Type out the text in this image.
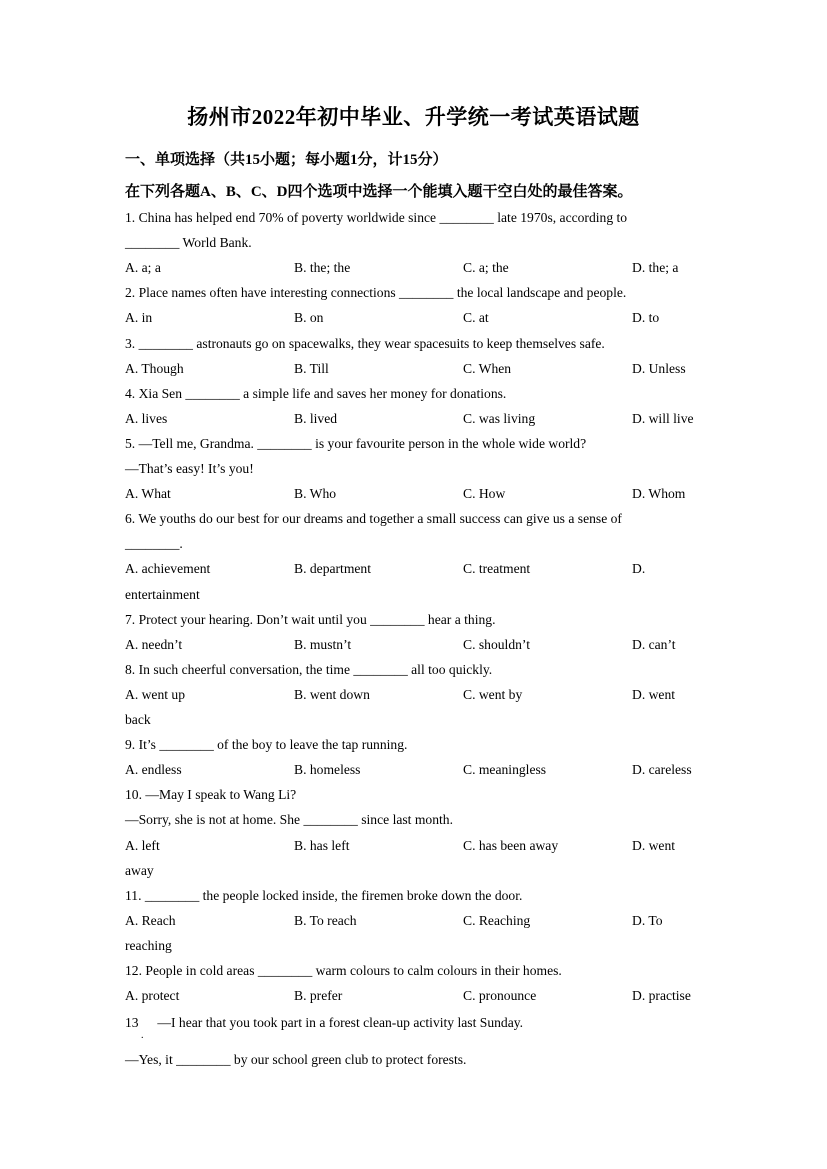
扬州市2022年初中毕业、升学统一考试英语试题
一、单项选择（共15小题；每小题1分，计15分）
在下列各题A、B、C、D四个选项中选择一个能填入题干空白处的最佳答案。
1. China has helped end 70% of poverty worldwide since ________ late 1970s, according to
________ World Bank.
A. a; a	B. the; the	C. a; the	D. the; a
2. Place names often have interesting connections ________ the local landscape and people.
A. in	B. on	C. at	D. to
3. ________ astronauts go on spacewalks, they wear spacesuits to keep themselves safe.
A. Though	B. Till	C. When	D. Unless
4. Xia Sen ________ a simple life and saves her money for donations.
A. lives	B. lived	C. was living	D. will live
5. —Tell me, Grandma. ________ is your favourite person in the whole wide world?
—That’s easy! It’s you!
A. What	B. Who	C. How	D. Whom
6. We youths do our best for our dreams and together a small success can give us a sense of
________.
A. achievement	B. department	C. treatment	D.
entertainment
7. Protect your hearing. Don’t wait until you ________ hear a thing.
A. needn’t	B. mustn’t	C. shouldn’t	D. can’t
8. In such cheerful conversation, the time ________ all too quickly.
A. went up	B. went down	C. went by	D. went
back
9. It’s ________ of the boy to leave the tap running.
A. endless	B. homeless	C. meaningless	D. careless
10. —May I speak to Wang Li?
—Sorry, she is not at home. She ________ since last month.
A. left	B. has left	C. has been away	D. went
away
11. ________ the people locked inside, the firemen broke down the door.
A. Reach	B. To reach	C. Reaching	D. To
reaching
12. People in cold areas ________ warm colours to calm colours in their homes.
A. protect	B. prefer	C. pronounce	D. practise
13 —I hear that you took part in a forest clean-up activity last Sunday.
.
—Yes, it ________ by our school green club to protect forests.
